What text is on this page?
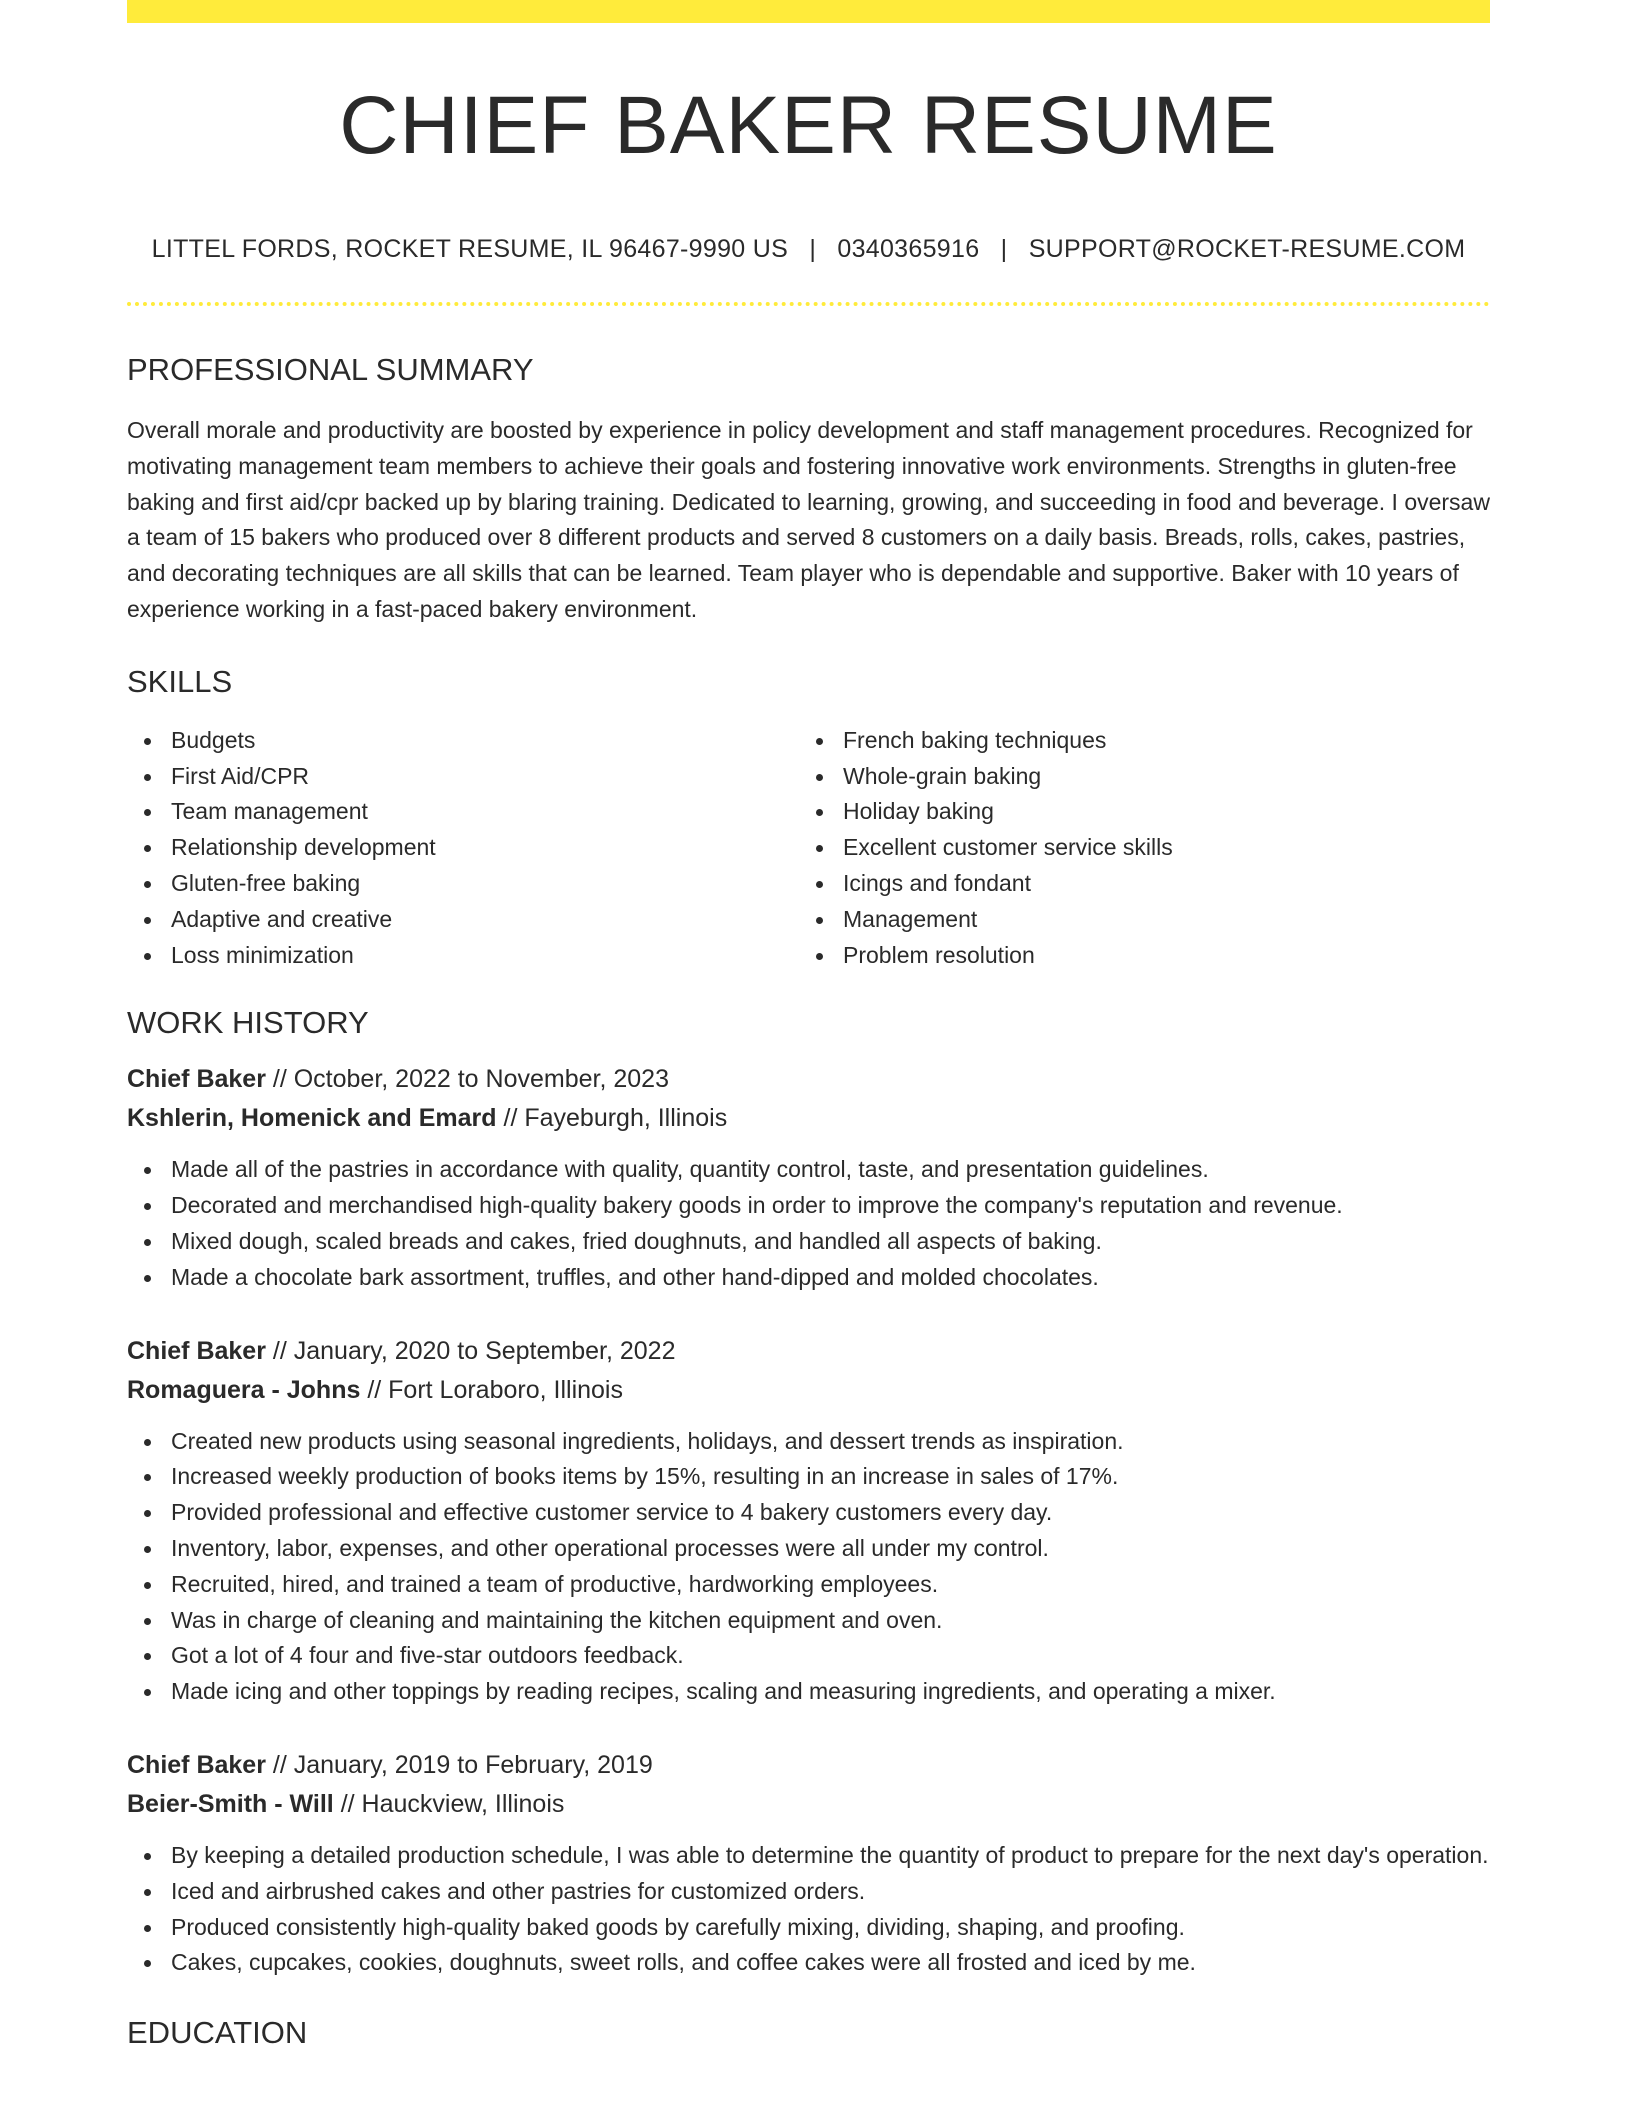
CHIEF BAKER RESUME
LITTEL FORDS, ROCKET RESUME, IL 96467-9990 US | 0340365916 | SUPPORT@ROCKET-RESUME.COM
PROFESSIONAL SUMMARY
Overall morale and productivity are boosted by experience in policy development and staff management procedures. Recognized for motivating management team members to achieve their goals and fostering innovative work environments. Strengths in gluten-free baking and first aid/cpr backed up by blaring training. Dedicated to learning, growing, and succeeding in food and beverage. I oversaw a team of 15 bakers who produced over 8 different products and served 8 customers on a daily basis. Breads, rolls, cakes, pastries, and decorating techniques are all skills that can be learned. Team player who is dependable and supportive. Baker with 10 years of experience working in a fast-paced bakery environment.
SKILLS
Budgets
First Aid/CPR
Team management
Relationship development
Gluten-free baking
Adaptive and creative
Loss minimization
French baking techniques
Whole-grain baking
Holiday baking
Excellent customer service skills
Icings and fondant
Management
Problem resolution
WORK HISTORY
Chief Baker // October, 2022 to November, 2023
Kshlerin, Homenick and Emard // Fayeburgh, Illinois
Made all of the pastries in accordance with quality, quantity control, taste, and presentation guidelines.
Decorated and merchandised high-quality bakery goods in order to improve the company's reputation and revenue.
Mixed dough, scaled breads and cakes, fried doughnuts, and handled all aspects of baking.
Made a chocolate bark assortment, truffles, and other hand-dipped and molded chocolates.
Chief Baker // January, 2020 to September, 2022
Romaguera - Johns // Fort Loraboro, Illinois
Created new products using seasonal ingredients, holidays, and dessert trends as inspiration.
Increased weekly production of books items by 15%, resulting in an increase in sales of 17%.
Provided professional and effective customer service to 4 bakery customers every day.
Inventory, labor, expenses, and other operational processes were all under my control.
Recruited, hired, and trained a team of productive, hardworking employees.
Was in charge of cleaning and maintaining the kitchen equipment and oven.
Got a lot of 4 four and five-star outdoors feedback.
Made icing and other toppings by reading recipes, scaling and measuring ingredients, and operating a mixer.
Chief Baker // January, 2019 to February, 2019
Beier-Smith - Will // Hauckview, Illinois
By keeping a detailed production schedule, I was able to determine the quantity of product to prepare for the next day's operation.
Iced and airbrushed cakes and other pastries for customized orders.
Produced consistently high-quality baked goods by carefully mixing, dividing, shaping, and proofing.
Cakes, cupcakes, cookies, doughnuts, sweet rolls, and coffee cakes were all frosted and iced by me.
EDUCATION
